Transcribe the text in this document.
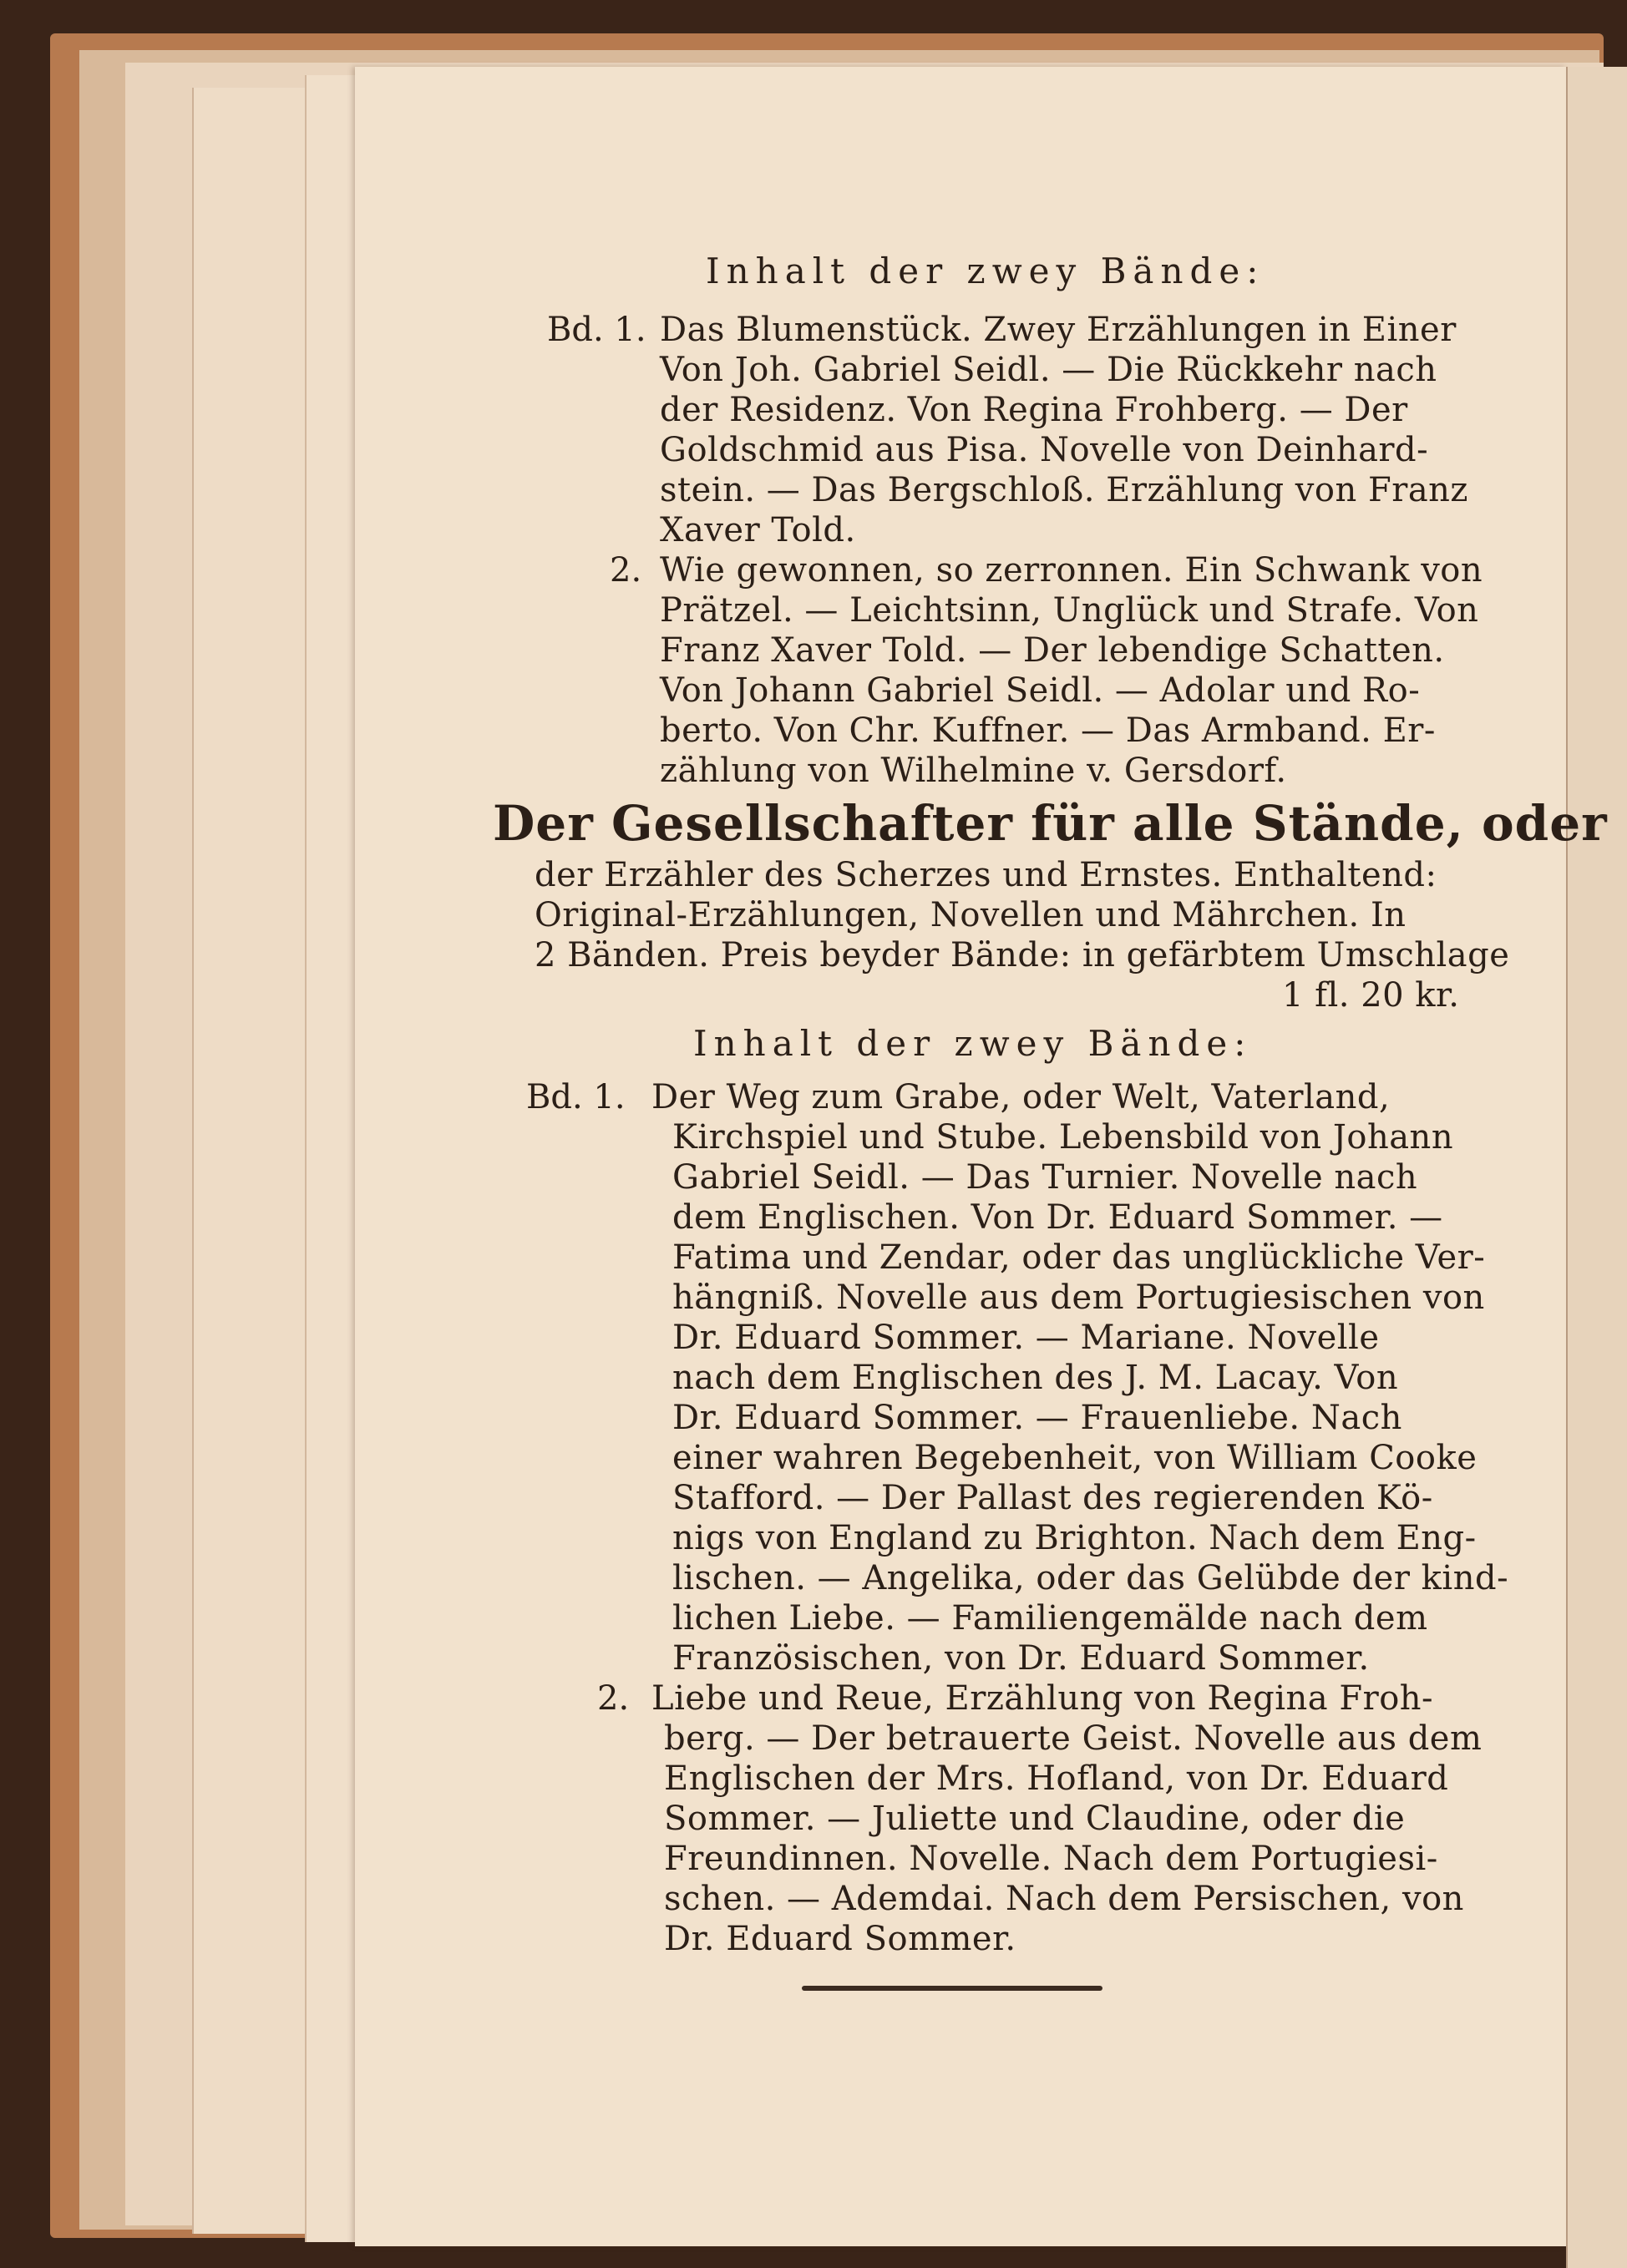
Inhalt der zwey Bände:
Bd. 1. Das Blumenstück. Zwey Erzählungen in Einer
Von Joh. Gabriel Seidl. — Die Rückkehr nach
der Residenz. Von Regina Frohberg. — Der
Goldschmid aus Pisa. Novelle von Deinhard-
stein. — Das Bergschloß. Erzählung von Franz
Xaver Told.
2. Wie gewonnen, so zerronnen. Ein Schwank von
Prätzel. — Leichtsinn, Unglück und Strafe. Von
Franz Xaver Told. — Der lebendige Schatten.
Von Johann Gabriel Seidl. — Adolar und Ro-
berto. Von Chr. Kuffner. — Das Armband. Er-
zählung von Wilhelmine v. Gersdorf.
Der Gesellschafter für alle Stände, oder
der Erzähler des Scherzes und Ernstes. Enthaltend:
Original-Erzählungen, Novellen und Mährchen. In
2 Bänden. Preis beyder Bände: in gefärbtem Umschlage
1 fl. 20 kr.
Inhalt der zwey Bände:
Bd. 1. Der Weg zum Grabe, oder Welt, Vaterland,
Kirchspiel und Stube. Lebensbild von Johann
Gabriel Seidl. — Das Turnier. Novelle nach
dem Englischen. Von Dr. Eduard Sommer. —
Fatima und Zendar, oder das unglückliche Ver-
hängniß. Novelle aus dem Portugiesischen von
Dr. Eduard Sommer. — Mariane. Novelle
nach dem Englischen des J. M. Lacay. Von
Dr. Eduard Sommer. — Frauenliebe. Nach
einer wahren Begebenheit, von William Cooke
Stafford. — Der Pallast des regierenden Kö-
nigs von England zu Brighton. Nach dem Eng-
lischen. — Angelika, oder das Gelübde der kind-
lichen Liebe. — Familiengemälde nach dem
Französischen, von Dr. Eduard Sommer.
2. Liebe und Reue, Erzählung von Regina Froh-
berg. — Der betrauerte Geist. Novelle aus dem
Englischen der Mrs. Hofland, von Dr. Eduard
Sommer. — Juliette und Claudine, oder die
Freundinnen. Novelle. Nach dem Portugiesi-
schen. — Ademdai. Nach dem Persischen, von
Dr. Eduard Sommer.
